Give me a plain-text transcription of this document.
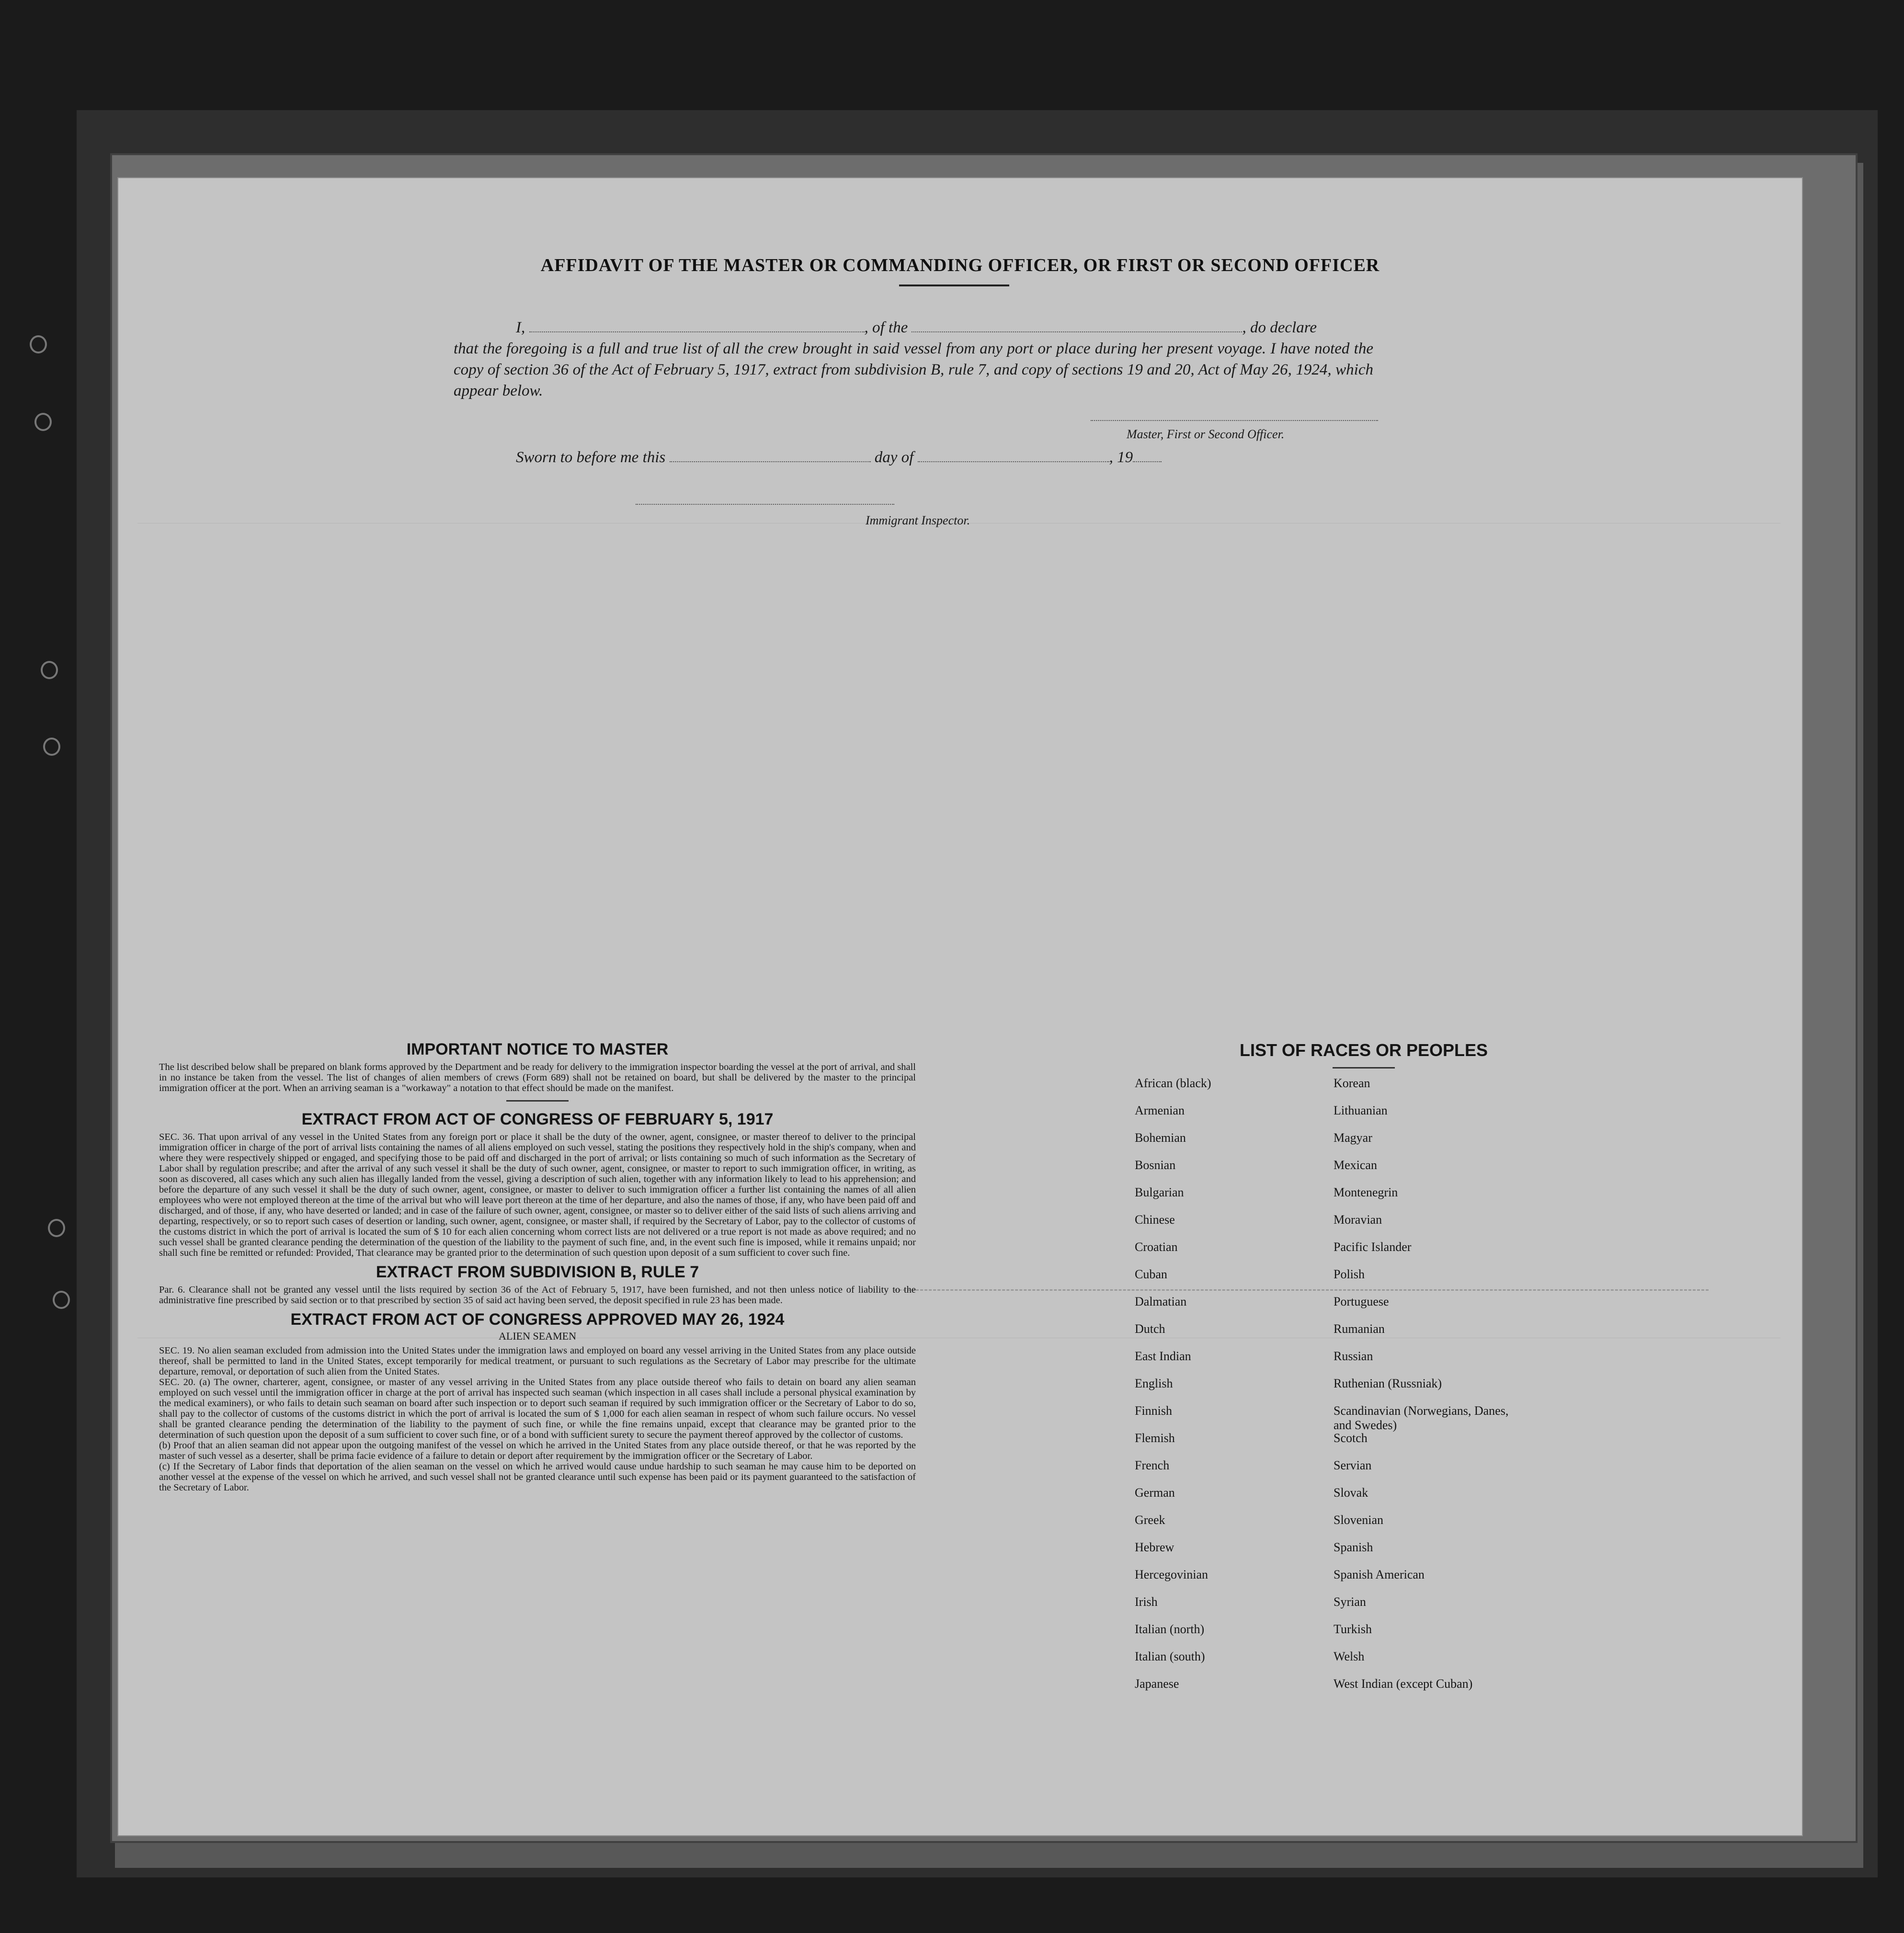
AFFIDAVIT OF THE MASTER OR COMMANDING OFFICER, OR FIRST OR SECOND OFFICER

I,	, of the	, do declare

that the foregoing is a full and true list of all the crew brought in said vessel from any port or place during her present voyage. I have noted the copy of section 36 of the Act of February 5, 1917, extract from subdivision B, rule 7, and copy of sections 19 and 20, Act of May 26, 1924, which appear below.

Master, First or Second Officer.
Sworn to before me this	day of	, 19
Immigrant Inspector.
IMPORTANT NOTICE TO MASTER

The list described below shall be prepared on blank forms approved by the Department and be ready for delivery to the immigration inspector boarding the vessel at the port of arrival, and shall in no instance be taken from the vessel. The list of changes of alien members of crews (Form 689) shall not be retained on board, but shall be delivered by the master to the principal immigration officer at the port. When an arriving seaman is a "workaway" a notation to that effect should be made on the manifest.

EXTRACT FROM ACT OF CONGRESS OF FEBRUARY 5, 1917

SEC. 36. That upon arrival of any vessel in the United States from any foreign port or place it shall be the duty of the owner, agent, consignee, or master thereof to deliver to the principal immigration officer in charge of the port of arrival lists containing the names of all aliens employed on such vessel, stating the positions they respectively hold in the ship's company, when and where they were respectively shipped or engaged, and specifying those to be paid off and discharged in the port of arrival; or lists containing so much of such information as the Secretary of Labor shall by regulation prescribe; and after the arrival of any such vessel it shall be the duty of such owner, agent, consignee, or master to report to such immigration officer, in writing, as soon as discovered, all cases which any such alien has illegally landed from the vessel, giving a description of such alien, together with any information likely to lead to his apprehension; and before the departure of any such vessel it shall be the duty of such owner, agent, consignee, or master to deliver to such immigration officer a further list containing the names of all alien employees who were not employed thereon at the time of the arrival but who will leave port thereon at the time of her departure, and also the names of those, if any, who have been paid off and discharged, and of those, if any, who have deserted or landed; and in case of the failure of such owner, agent, consignee, or master so to deliver either of the said lists of such aliens arriving and departing, respectively, or so to report such cases of desertion or landing, such owner, agent, consignee, or master shall, if required by the Secretary of Labor, pay to the collector of customs of the customs district in which the port of arrival is located the sum of $ 10 for each alien concerning whom correct lists are not delivered or a true report is not made as above required; and no such vessel shall be granted clearance pending the determination of the question of the liability to the payment of such fine, and, in the event such fine is imposed, while it remains unpaid; nor shall such fine be remitted or refunded: Provided, That clearance may be granted prior to the determination of such question upon deposit of a sum sufficient to cover such fine.

EXTRACT FROM SUBDIVISION B, RULE 7

Par. 6. Clearance shall not be granted any vessel until the lists required by section 36 of the Act of February 5, 1917, have been furnished, and not then unless notice of liability to the administrative fine prescribed by said section or to that prescribed by section 35 of said act having been served, the deposit specified in rule 23 has been made.

EXTRACT FROM ACT OF CONGRESS APPROVED MAY 26, 1924
ALIEN SEAMEN

SEC. 19. No alien seaman excluded from admission into the United States under the immigration laws and employed on board any vessel arriving in the United States from any place outside thereof, shall be permitted to land in the United States, except temporarily for medical treatment, or pursuant to such regulations as the Secretary of Labor may prescribe for the ultimate departure, removal, or deportation of such alien from the United States.

SEC. 20. (a) The owner, charterer, agent, consignee, or master of any vessel arriving in the United States from any place outside thereof who fails to detain on board any alien seaman employed on such vessel until the immigration officer in charge at the port of arrival has inspected such seaman (which inspection in all cases shall include a personal physical examination by the medical examiners), or who fails to detain such seaman on board after such inspection or to deport such seaman if required by such immigration officer or the Secretary of Labor to do so, shall pay to the collector of customs of the customs district in which the port of arrival is located the sum of $ 1,000 for each alien seaman in respect of whom such failure occurs. No vessel shall be granted clearance pending the determination of the liability to the payment of such fine, or while the fine remains unpaid, except that clearance may be granted prior to the determination of such question upon the deposit of a sum sufficient to cover such fine, or of a bond with sufficient surety to secure the payment thereof approved by the collector of customs.

(b) Proof that an alien seaman did not appear upon the outgoing manifest of the vessel on which he arrived in the United States from any place outside thereof, or that he was reported by the master of such vessel as a deserter, shall be prima facie evidence of a failure to detain or deport after requirement by the immigration officer or the Secretary of Labor.

(c) If the Secretary of Labor finds that deportation of the alien seaman on the vessel on which he arrived would cause undue hardship to such seaman he may cause him to be deported on another vessel at the expense of the vessel on which he arrived, and such vessel shall not be granted clearance until such expense has been paid or its payment guaranteed to the satisfaction of the Secretary of Labor.

LIST OF RACES OR PEOPLES
African (black)	Korean
Armenian	Lithuanian
Bohemian	Magyar
Bosnian	Mexican
Bulgarian	Montenegrin
Chinese	Moravian
Croatian	Pacific Islander
Cuban	Polish
Dalmatian	Portuguese
Dutch	Rumanian
East Indian	Russian
English	Ruthenian (Russniak)
Finnish	Scandinavian (Norwegians, Danes, and Swedes)
Flemish	Scotch
French	Servian
German	Slovak
Greek	Slovenian
Hebrew	Spanish
Hercegovinian	Spanish American
Irish	Syrian
Italian (north)	Turkish
Italian (south)	Welsh
Japanese	West Indian (except Cuban)
